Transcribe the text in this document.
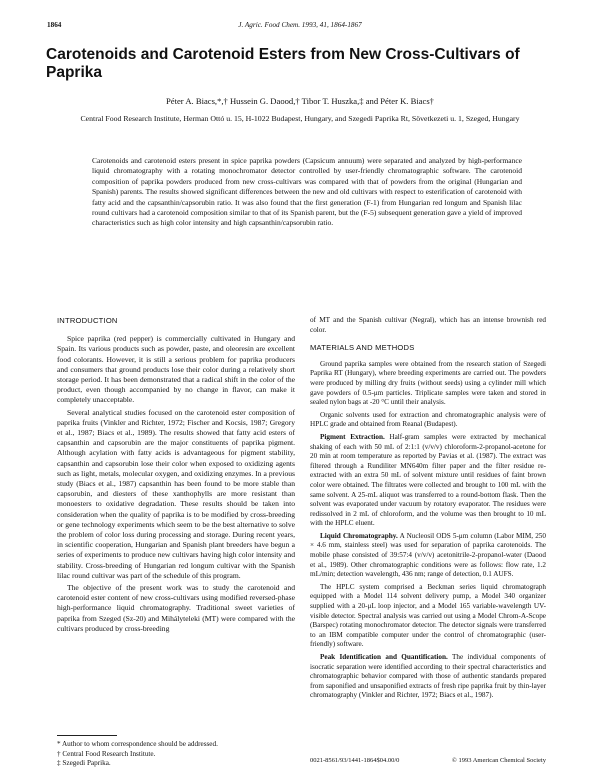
1864	J. Agric. Food Chem. 1993, 41, 1864-1867
Carotenoids and Carotenoid Esters from New Cross-Cultivars of Paprika
Péter A. Biacs,*,† Hussein G. Daood,† Tibor T. Huszka,‡ and Péter K. Biacs†
Central Food Research Institute, Herman Ottó u. 15, H-1022 Budapest, Hungary, and Szegedi Paprika Rt, Sövetkezeti u. 1, Szeged, Hungary
Carotenoids and carotenoid esters present in spice paprika powders (Capsicum annuum) were separated and analyzed by high-performance liquid chromatography with a rotating monochromator detector controlled by user-friendly chromatographic software. The carotenoid composition of paprika powders produced from new cross-cultivars was compared with that of powders from the original (Hungarian and Spanish) parents. The results showed significant differences between the new and old cultivars with respect to esterification of carotenoid with fatty acid and the capsanthin/capsorubin ratio. It was also found that the first generation (F-1) from Hungarian red longum and Spanish lilac round cultivars had a carotenoid composition similar to that of its Spanish parent, but the (F-5) subsequent generation gave a yield of improved characteristics such as high color intensity and high capsanthin/capsorubin ratio.
INTRODUCTION

Spice paprika (red pepper) is commercially cultivated in Hungary and Spain. Its various products such as powder, paste, and oleoresin are excellent food colorants. However, it is still a serious problem for paprika producers and consumers that ground products lose their color during a relatively short storage period. It has been demonstrated that a radical shift in the color of the product, even though accompanied by no change in flavor, can make it completely unacceptable.

Several analytical studies focused on the carotenoid ester composition of paprika fruits (Vinkler and Richter, 1972; Fischer and Kocsis, 1987; Gregory et al., 1987; Biacs et al., 1989). The results showed that fatty acid esters of capsanthin and capsorubin are the major constituents of paprika pigment. Although acylation with fatty acids is advantageous for pigment stability, capsanthin and capsorubin lose their color when exposed to oxidizing agents such as light, metals, molecular oxygen, and oxidizing enzymes. In a previous study (Biacs et al., 1987) capsanthin has been found to be more stable than capsorubin, and diesters of these xanthophylls are more resistant than monoesters to oxidative degradation. These results should be taken into consideration when the quality of paprika is to be modified by cross-breeding or gene technology experiments which seem to be the best alternative to solve the problem of color loss during processing and storage. During recent years, in scientific cooperation, Hungarian and Spanish plant breeders have begun a series of experiments to produce new cultivars having high color intensity and stability. Cross-breeding of Hungarian red longum cultivar with the Spanish lilac round cultivar was part of the schedule of this program.

The objective of the present work was to study the carotenoid and carotenoid ester content of new cross-cultivars using modified reversed-phase high-performance liquid chromatography. Traditional sweet varieties of paprika from Szeged (Sz-20) and Mihályteleki (MT) were compared with the cultivars produced by cross-breeding

* Author to whom correspondence should be addressed.
† Central Food Research Institute.
‡ Szegedi Paprika.

of MT and the Spanish cultivar (Negral), which has an intense brownish red color.

MATERIALS AND METHODS

Ground paprika samples were obtained from the research station of Szegedi Paprika RT (Hungary), where breeding experiments are carried out. The powders were produced by milling dry fruits (without seeds) using a cylinder mill which gave powders of 0.5-μm particles. Triplicate samples were taken and stored in sealed nylon bags at -20 °C until their analysis.

Organic solvents used for extraction and chromatographic analysis were of HPLC grade and obtained from Reanal (Budapest).

Pigment Extraction. Half-gram samples were extracted by mechanical shaking of each with 50 mL of 2:1:1 (v/v/v) chloroform-2-propanol-acetone for 20 min at room temperature as reported by Pavias et al. (1987). The extract was filtered through a Rundiliter MN640m filter paper and the filter residue re-extracted with an extra 50 mL of solvent mixture until residues of faint brown color were obtained. The filtrates were collected and brought to 100 mL with the same solvent. A 25-mL aliquot was transferred to a round-bottom flask. Then the solvent was evaporated under vacuum by rotatory evaporator. The residues were redissolved in 2 mL of chloroform, and the volume was then brought to 10 mL with the HPLC eluent.

Liquid Chromatography. A Nucleosil ODS 5-μm column (Labor MIM, 250 × 4.6 mm, stainless steel) was used for separation of paprika carotenoids. The mobile phase consisted of 39:57:4 (v/v/v) acetonitrile-2-propanol-water (Daood et al., 1989). Other chromatographic conditions were as follows: flow rate, 1.2 mL/min; detection wavelength, 436 nm; range of detection, 0.1 AUFS.

The HPLC system comprised a Beckman series liquid chromatograph equipped with a Model 114 solvent delivery pump, a Model 340 organizer supplied with a 20-μL loop injector, and a Model 165 variable-wavelength UV-visible detector. Spectral analysis was carried out using a Model Chrom-A-Scope (Barspec) rotating monochromator detector. The detector signals were transferred to an IBM compatible computer under the control of chromatographic (user-friendly) software.

Peak Identification and Quantification. The individual components of isocratic separation were identified according to their spectral characteristics and chromatographic behavior compared with those of authentic standards prepared from saponified and unsaponified extracts of fresh ripe paprika fruit by thin-layer chromatography (Vinkler and Richter, 1972; Biacs et al., 1987).

0021-8561/93/1441-1864$04.00/0	© 1993 American Chemical Society
